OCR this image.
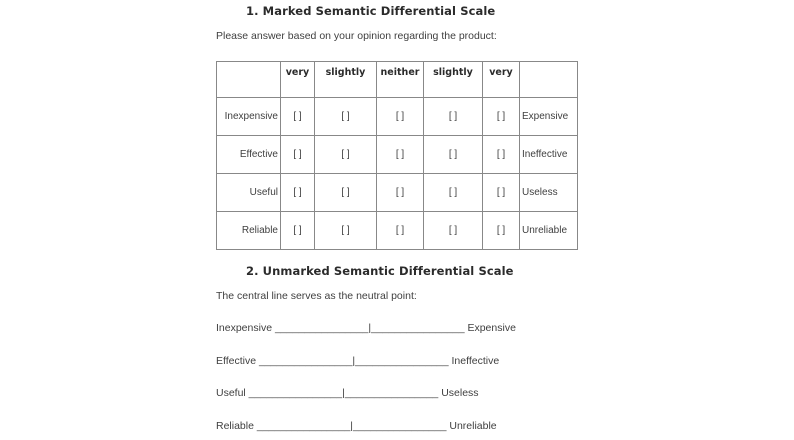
1. Marked Semantic Differential Scale
Please answer based on your opinion regarding the product:
	very	slightly	neither	slightly	very	
Inexpensive	[ ]	[ ]	[ ]	[ ]	[ ]	Expensive
Effective	[ ]	[ ]	[ ]	[ ]	[ ]	Ineffective
Useful	[ ]	[ ]	[ ]	[ ]	[ ]	Useless
Reliable	[ ]	[ ]	[ ]	[ ]	[ ]	Unreliable
2. Unmarked Semantic Differential Scale
The central line serves as the neutral point:
Inexpensive ________________|________________ Expensive
Effective ________________|________________ Ineffective
Useful ________________|________________ Useless
Reliable ________________|________________ Unreliable
